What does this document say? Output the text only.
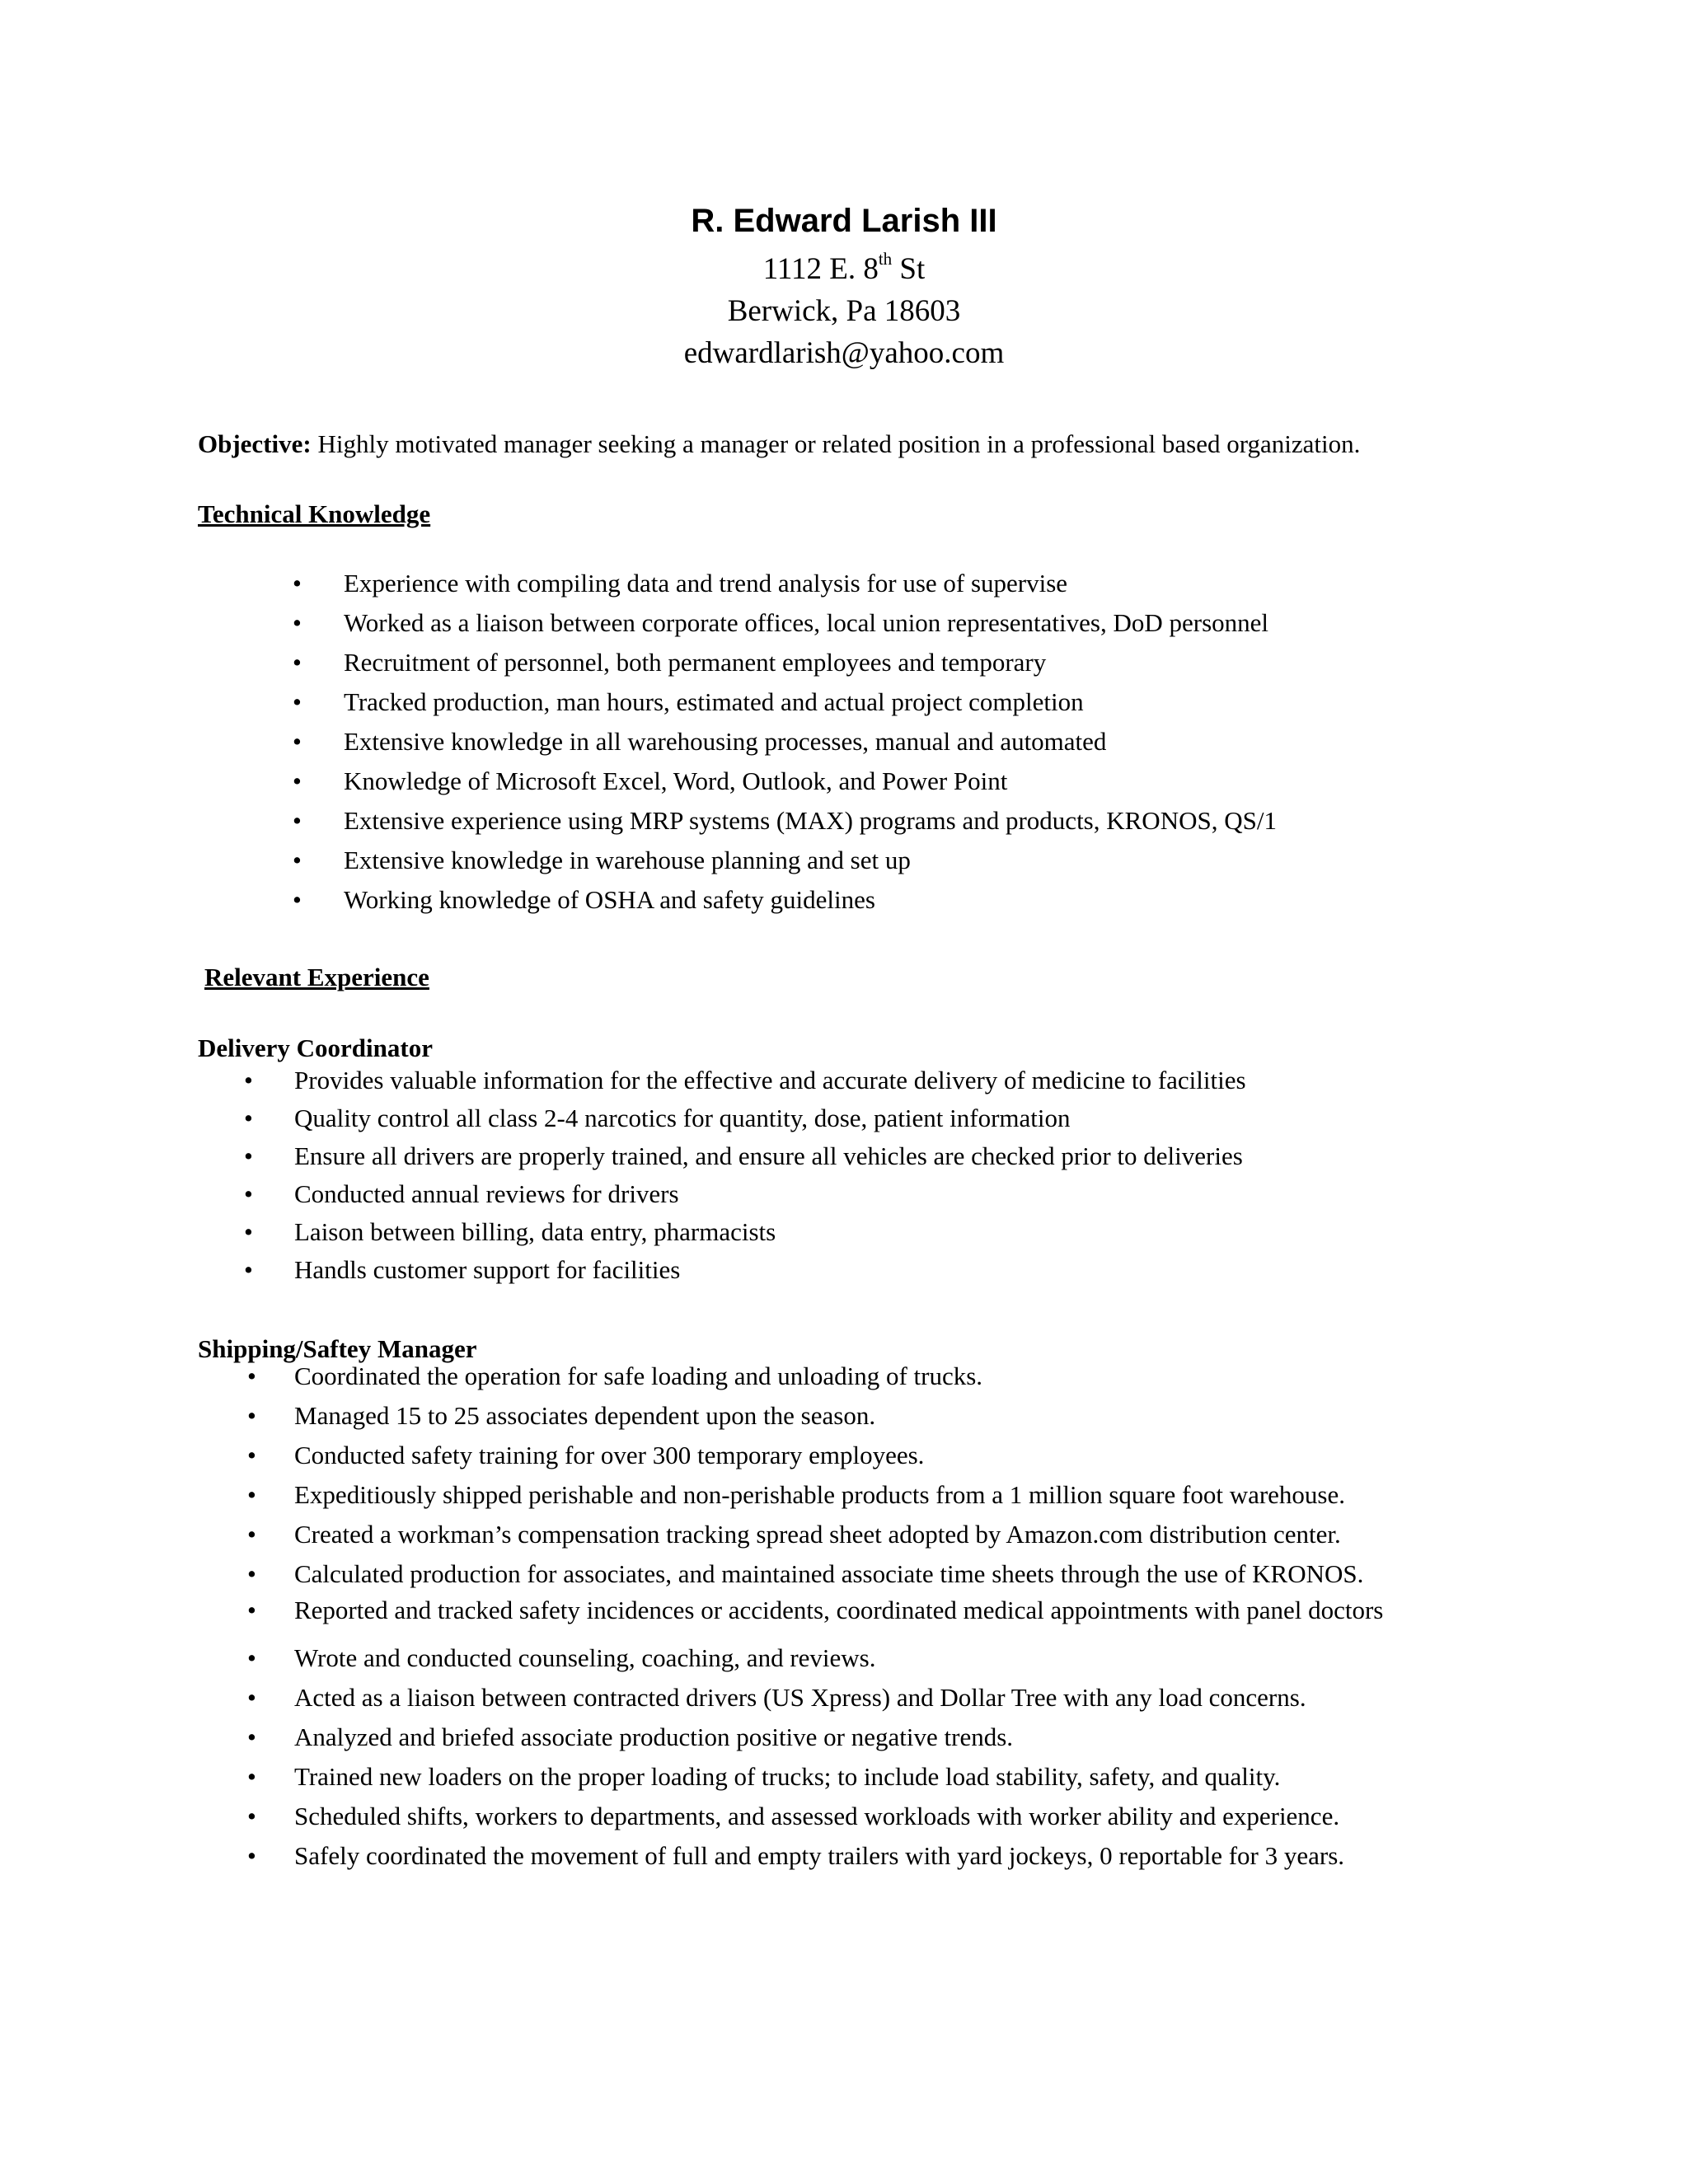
R. Edward Larish III
1112 E. 8th St
Berwick, Pa 18603
edwardlarish@yahoo.com
Objective: Highly motivated manager seeking a manager or related position in a professional based organization.
Technical Knowledge
• Experience with compiling data and trend analysis for use of supervise
• Worked as a liaison between corporate offices, local union representatives, DoD personnel
• Recruitment of personnel, both permanent employees and temporary
• Tracked production, man hours, estimated and actual project completion
• Extensive knowledge in all warehousing processes, manual and automated
• Knowledge of Microsoft Excel, Word, Outlook, and Power Point
• Extensive experience using MRP systems (MAX) programs and products, KRONOS, QS/1
• Extensive knowledge in warehouse planning and set up
• Working knowledge of OSHA and safety guidelines
Relevant Experience
Delivery Coordinator
• Provides valuable information for the effective and accurate delivery of medicine to facilities
• Quality control all class 2-4 narcotics for quantity, dose, patient information
• Ensure all drivers are properly trained, and ensure all vehicles are checked prior to deliveries
• Conducted annual reviews for drivers
• Laison between billing, data entry, pharmacists
• Handls customer support for facilities
Shipping/Saftey Manager
• Coordinated the operation for safe loading and unloading of trucks.
• Managed 15 to 25 associates dependent upon the season.
• Conducted safety training for over 300 temporary employees.
• Expeditiously shipped perishable and non-perishable products from a 1 million square foot warehouse.
• Created a workman’s compensation tracking spread sheet adopted by Amazon.com distribution center.
• Calculated production for associates, and maintained associate time sheets through the use of KRONOS.
• Reported and tracked safety incidences or accidents, coordinated medical appointments with panel doctors
• Wrote and conducted counseling, coaching, and reviews.
• Acted as a liaison between contracted drivers (US Xpress) and Dollar Tree with any load concerns.
• Analyzed and briefed associate production positive or negative trends.
• Trained new loaders on the proper loading of trucks; to include load stability, safety, and quality.
• Scheduled shifts, workers to departments, and assessed workloads with worker ability and experience.
• Safely coordinated the movement of full and empty trailers with yard jockeys, 0 reportable for 3 years.
